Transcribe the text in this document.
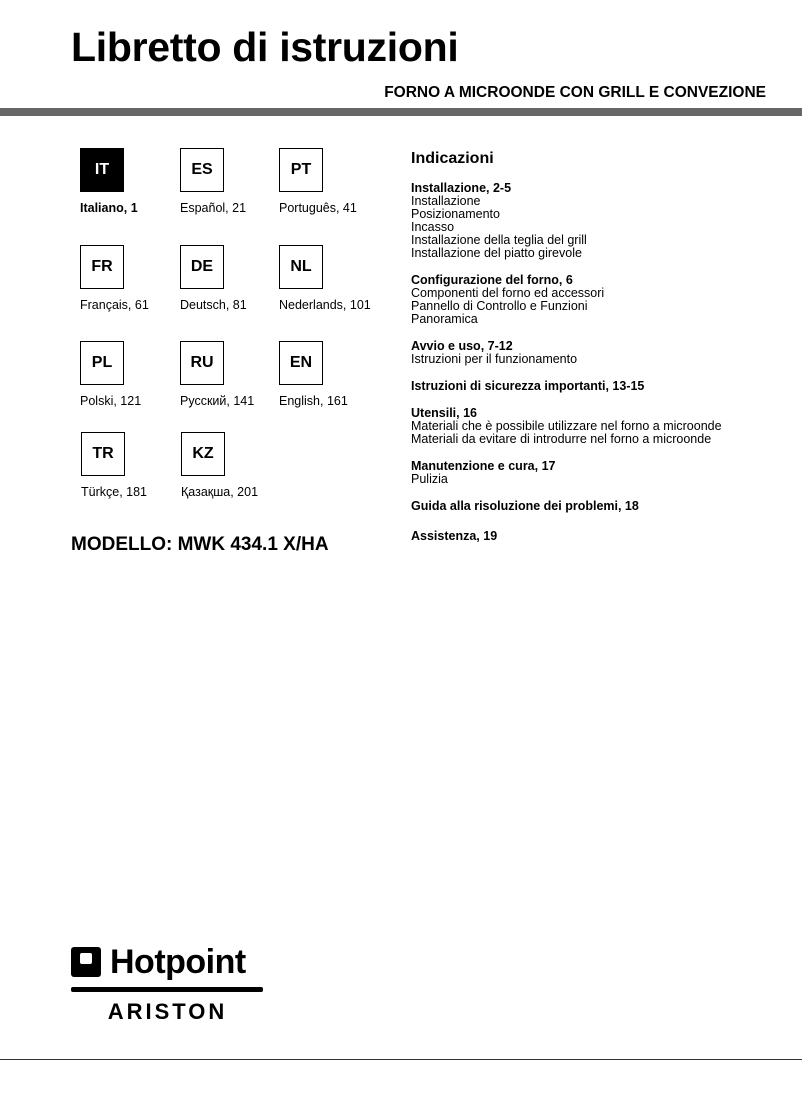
Libretto di istruzioni
FORNO A MICROONDE CON GRILL E CONVEZIONE
IT
Italiano, 1
ES
Español, 21
PT
Português, 41
FR
Français, 61
DE
Deutsch, 81
NL
Nederlands, 101
PL
Polski, 121
RU
Русский, 141
EN
English, 161
TR
Türkçe, 181
KZ
Қазақша, 201
MODELLO: MWK 434.1 X/HA
Indicazioni
Installazione, 2-5
Installazione
Posizionamento
Incasso
Installazione della teglia del grill
Installazione del piatto girevole
Configurazione del forno, 6
Componenti del forno ed accessori
Pannello di Controllo e Funzioni
Panoramica
Avvio e uso, 7-12
Istruzioni per il funzionamento
Istruzioni di sicurezza importanti, 13-15
Utensili, 16
Materiali che è possibile utilizzare nel forno a microonde
Materiali da evitare di introdurre nel forno a microonde
Manutenzione e cura, 17
Pulizia
Guida alla risoluzione dei problemi, 18
Assistenza, 19
Hotpoint
ARISTON
